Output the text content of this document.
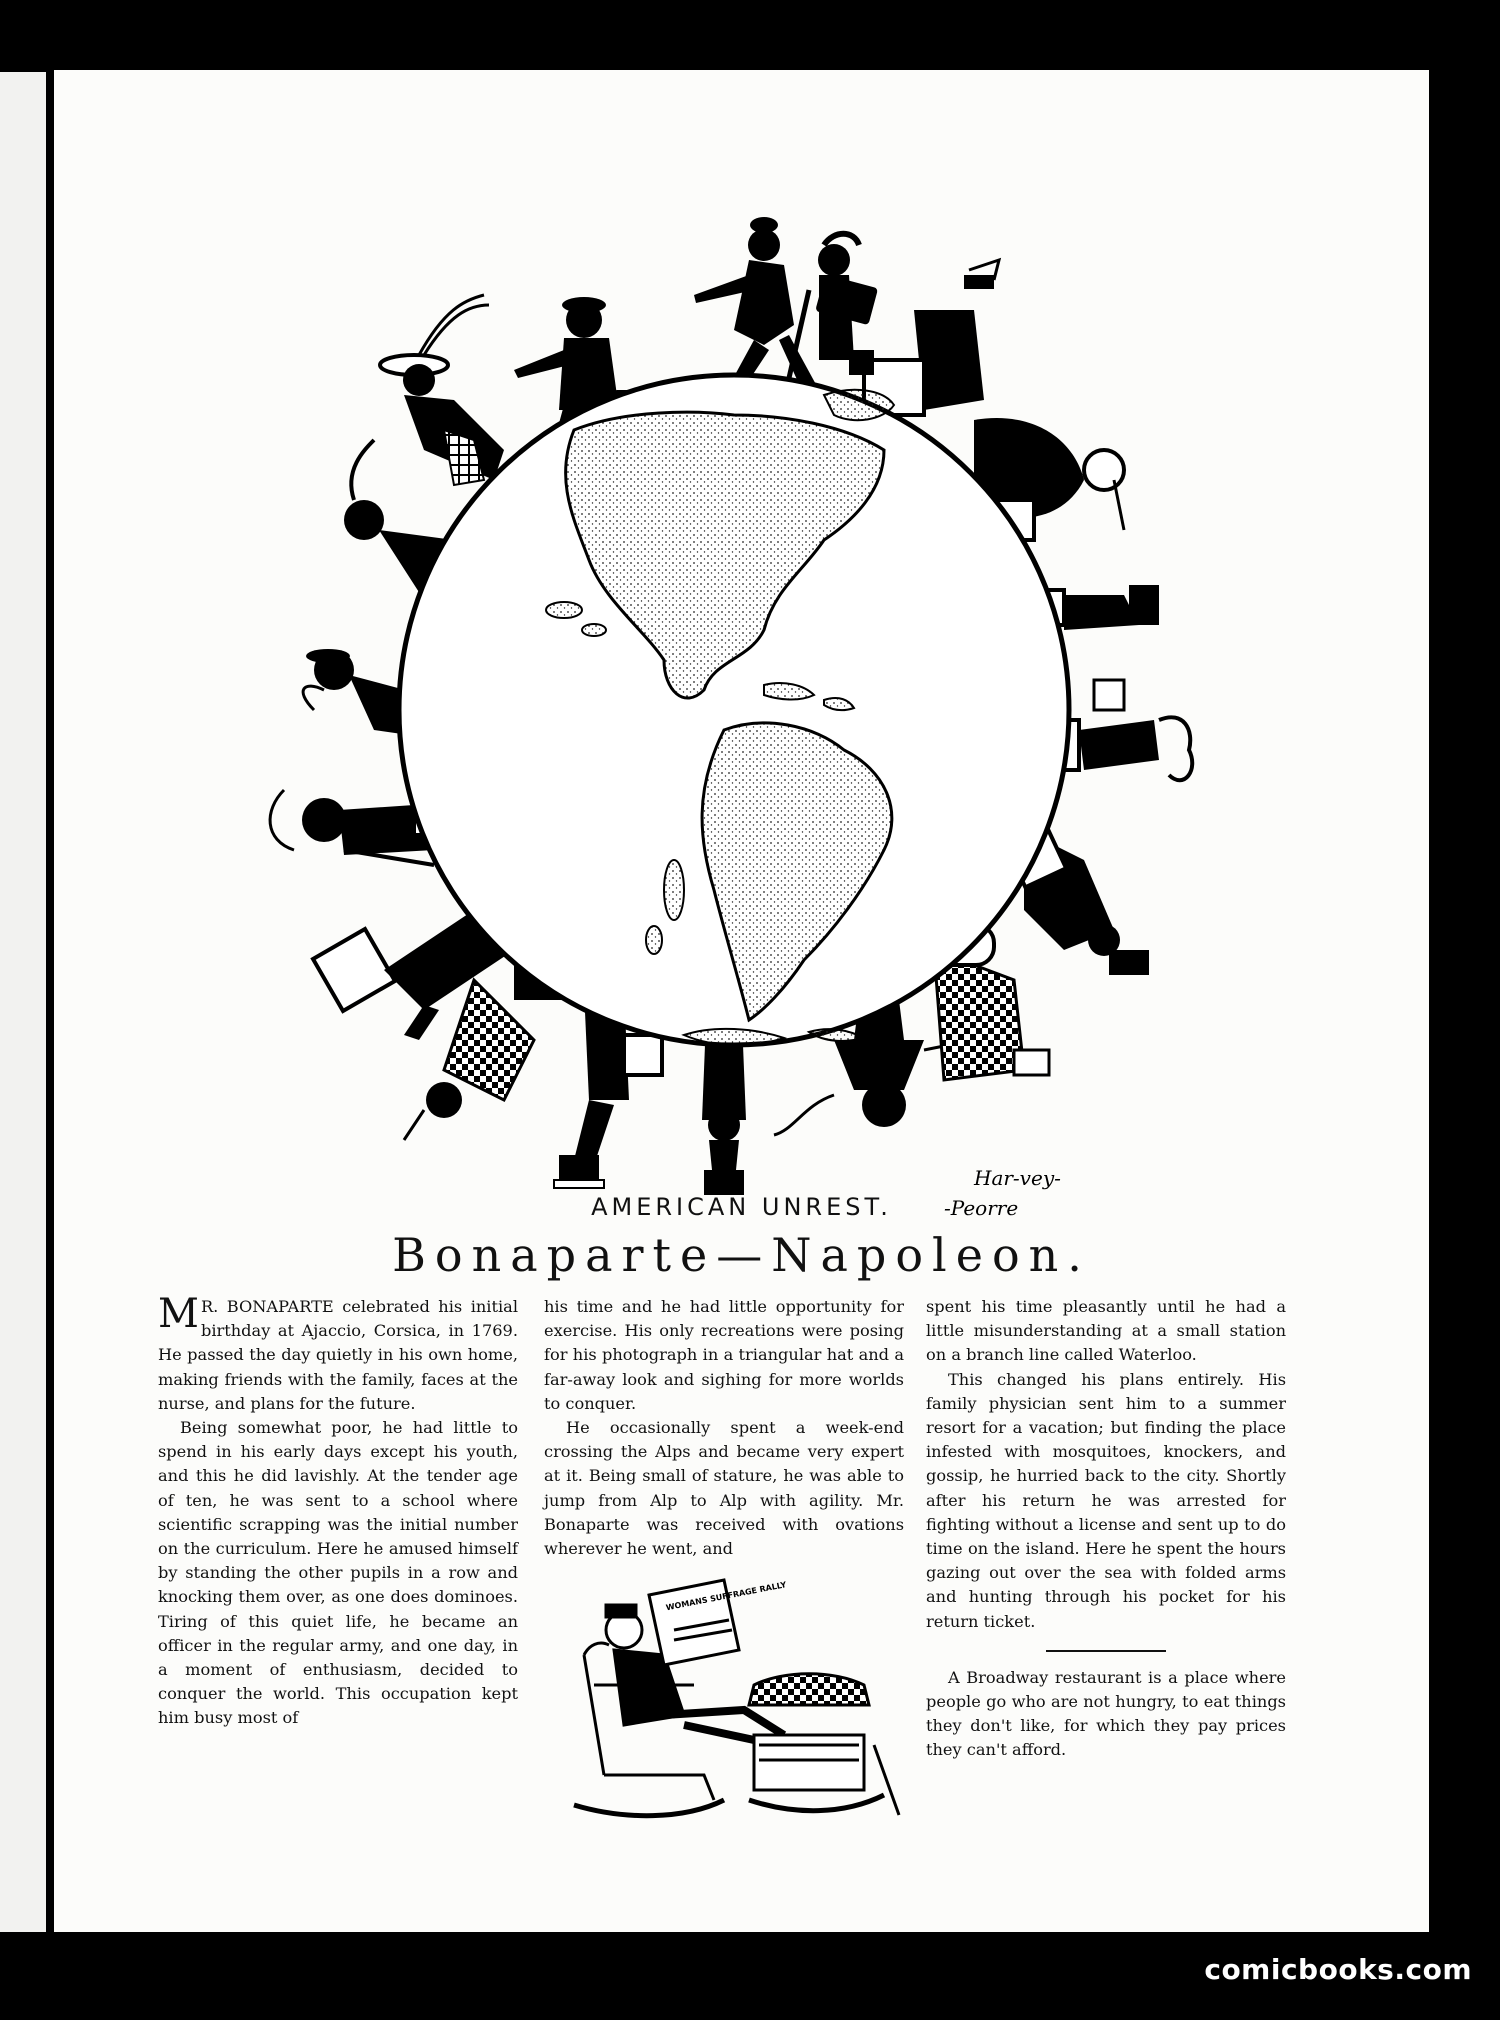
Har-vey-
-Peorre
AMERICAN UNREST.
Bonaparte—Napoleon.

M R. BONAPARTE celebrated his initial birthday at Ajaccio, Corsica, in 1769. He passed the day quietly in his own home, making friends with the family, faces at the nurse, and plans for the future.

Being somewhat poor, he had little to spend in his early days except his youth, and this he did lavishly. At the tender age of ten, he was sent to a school where scientific scrapping was the initial number on the curriculum. Here he amused himself by standing the other pupils in a row and knocking them over, as one does dominoes. Tiring of this quiet life, he became an officer in the regular army, and one day, in a moment of enthusiasm, decided to conquer the world. This occupation kept him busy most of

his time and he had little opportunity for exercise. His only recreations were posing for his photograph in a triangular hat and a far-away look and sighing for more worlds to conquer.

He occasionally spent a week-end crossing the Alps and became very expert at it. Being small of stature, he was able to jump from Alp to Alp with agility. Mr. Bonaparte was received with ovations wherever he went, and

spent his time pleasantly until he had a little misunderstanding at a small station on a branch line called Waterloo.

This changed his plans entirely. His family physician sent him to a summer resort for a vacation; but finding the place infested with mosquitoes, knockers, and gossip, he hurried back to the city. Shortly after his return he was arrested for fighting without a license and sent up to do time on the island. Here he spent the hours gazing out over the sea with folded arms and hunting through his pocket for his return ticket.

A Broadway restaurant is a place where people go who are not hungry, to eat things they don't like, for which they pay prices they can't afford.

WOMANS SUFFRAGE RALLY
comicbooks.com
